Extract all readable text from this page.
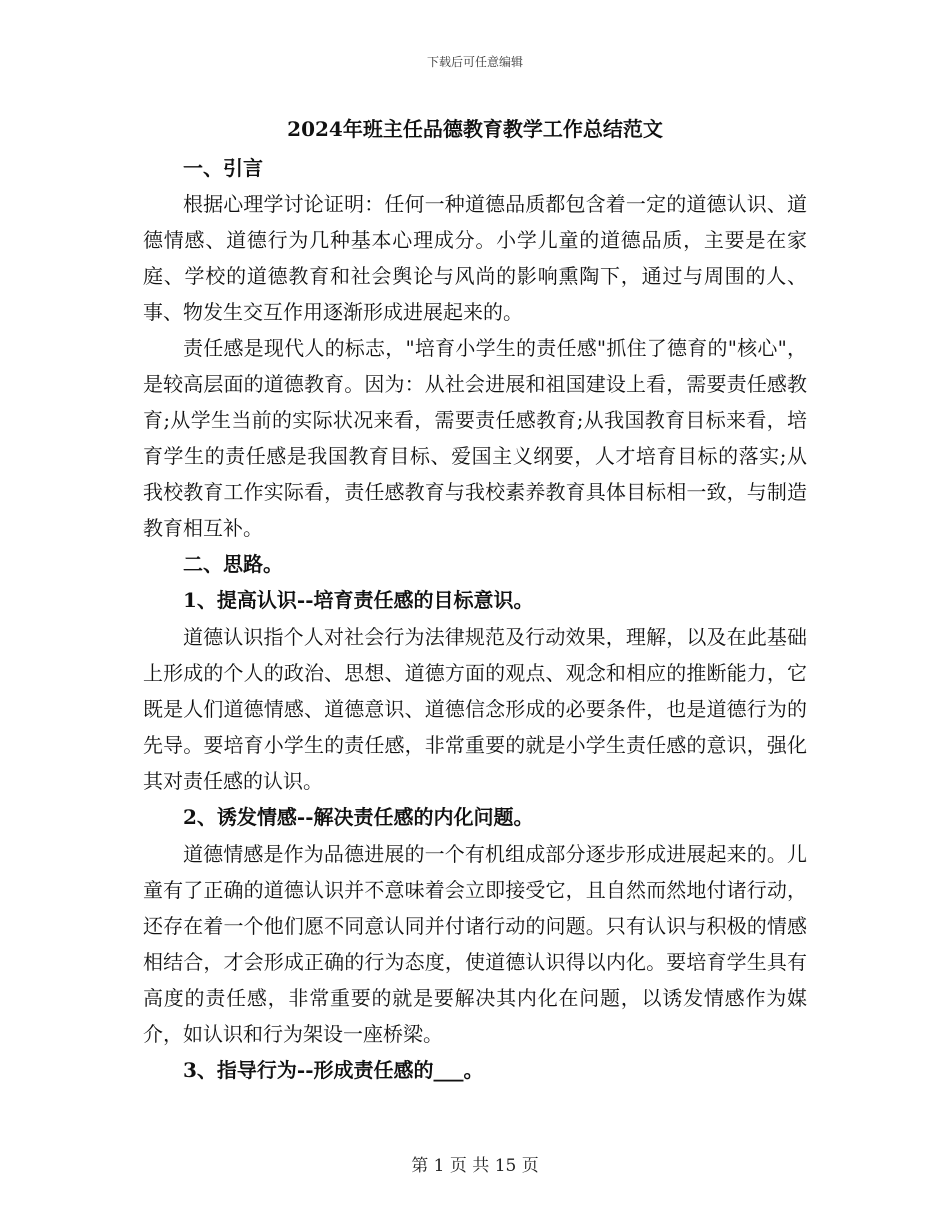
下载后可任意编辑
2024年班主任品德教育教学工作总结范文
一、引言

根据心理学讨论证明：任何一种道德品质都包含着一定的道德认识、道德情感、道德行为几种基本心理成分。小学儿童的道德品质，主要是在家庭、学校的道德教育和社会舆论与风尚的影响熏陶下，通过与周围的人、事、物发生交互作用逐渐形成进展起来的。

责任感是现代人的标志，"培育小学生的责任感"抓住了德育的"核心"，是较高层面的道德教育。因为：从社会进展和祖国建设上看，需要责任感教育;从学生当前的实际状况来看，需要责任感教育;从我国教育目标来看，培育学生的责任感是我国教育目标、爱国主义纲要，人才培育目标的落实;从我校教育工作实际看，责任感教育与我校素养教育具体目标相一致，与制造教育相互补。

二、思路。
1、提高认识--培育责任感的目标意识。

道德认识指个人对社会行为法律规范及行动效果，理解，以及在此基础上形成的个人的政治、思想、道德方面的观点、观念和相应的推断能力，它既是人们道德情感、道德意识、道德信念形成的必要条件，也是道德行为的先导。要培育小学生的责任感，非常重要的就是小学生责任感的意识，强化其对责任感的认识。

2、诱发情感--解决责任感的内化问题。

道德情感是作为品德进展的一个有机组成部分逐步形成进展起来的。儿童有了正确的道德认识并不意味着会立即接受它，且自然而然地付诸行动，还存在着一个他们愿不同意认同并付诸行动的问题。只有认识与积极的情感相结合，才会形成正确的行为态度，使道德认识得以内化。要培育学生具有高度的责任感，非常重要的就是要解决其内化在问题，以诱发情感作为媒介，如认识和行为架设一座桥梁。

3、指导行为--形成责任感的___。
第 1 页 共 15 页
